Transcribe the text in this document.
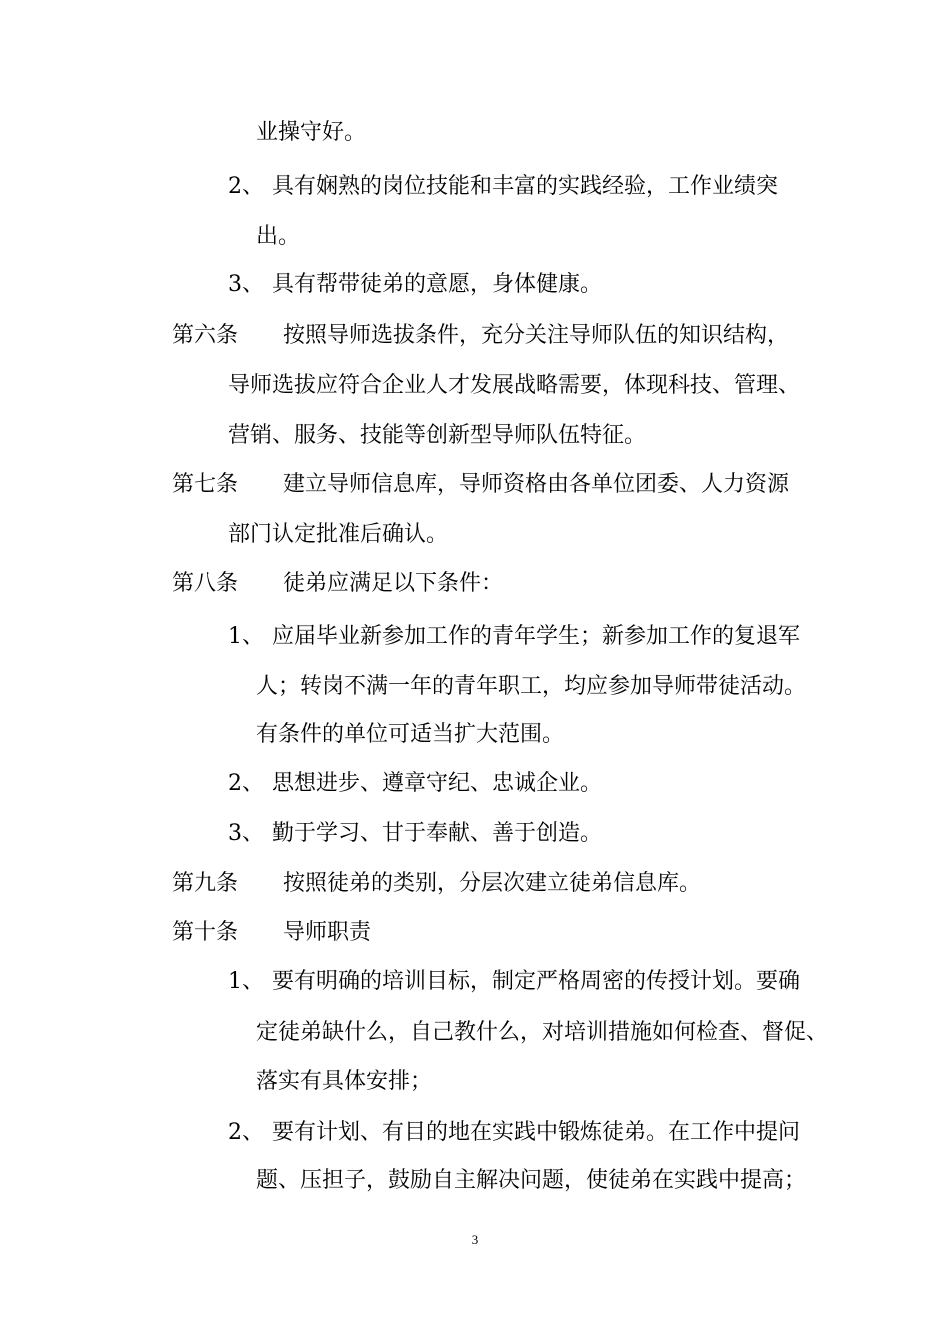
业操守好。
2、 具有娴熟的岗位技能和丰富的实践经验，工作业绩突
出。
3、 具有帮带徒弟的意愿，身体健康。
第六条 按照导师选拔条件，充分关注导师队伍的知识结构，
导师选拔应符合企业人才发展战略需要，体现科技、管理、
营销、服务、技能等创新型导师队伍特征。
第七条 建立导师信息库，导师资格由各单位团委、人力资源
部门认定批准后确认。
第八条 徒弟应满足以下条件：
1、 应届毕业新参加工作的青年学生；新参加工作的复退军
人；转岗不满一年的青年职工，均应参加导师带徒活动。
有条件的单位可适当扩大范围。
2、 思想进步、遵章守纪、忠诚企业。
3、 勤于学习、甘于奉献、善于创造。
第九条 按照徒弟的类别，分层次建立徒弟信息库。
第十条 导师职责
1、 要有明确的培训目标，制定严格周密的传授计划。要确
定徒弟缺什么，自己教什么，对培训措施如何检查、督促、
落实有具体安排；
2、 要有计划、有目的地在实践中锻炼徒弟。在工作中提问
题、压担子，鼓励自主解决问题，使徒弟在实践中提高；
3
